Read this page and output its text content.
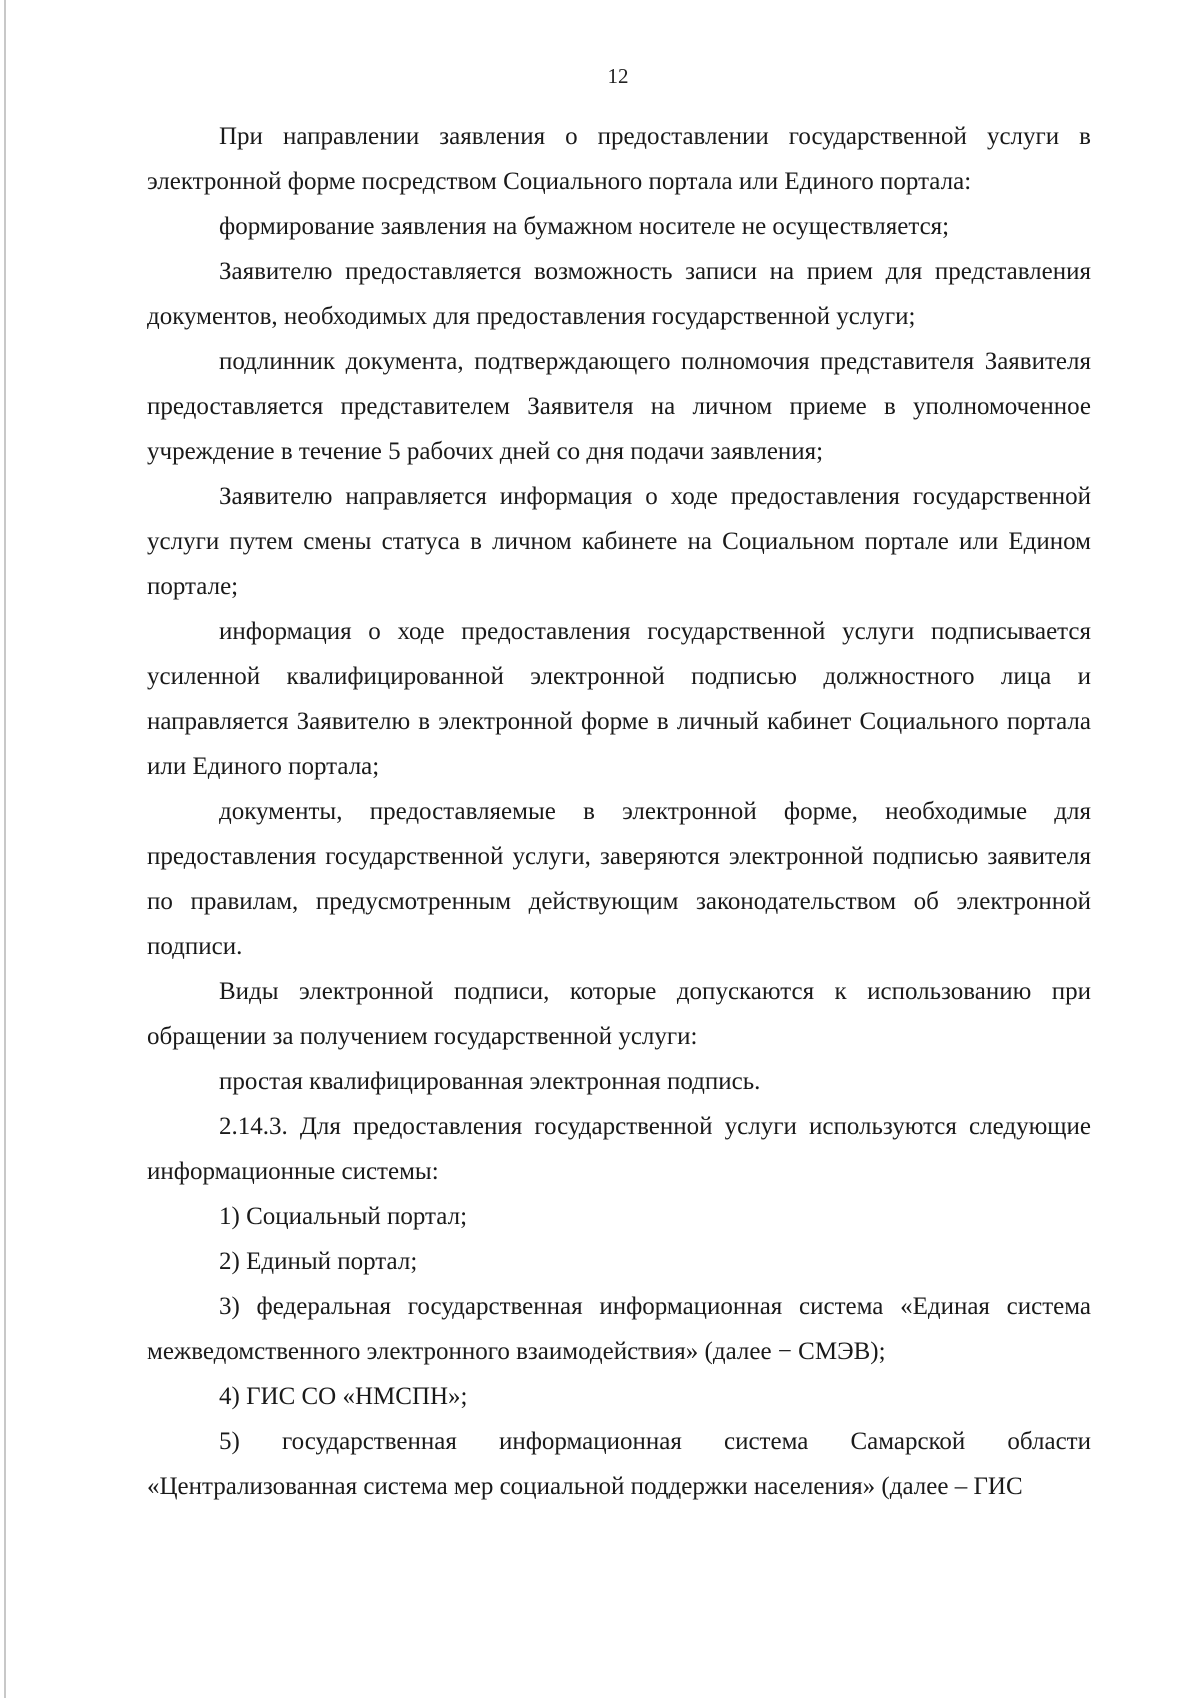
12

При направлении заявления о предоставлении государственной услуги в электронной форме посредством Социального портала или Единого портала:

формирование заявления на бумажном носителе не осуществляется;

Заявителю предоставляется возможность записи на прием для представления документов, необходимых для предоставления государственной услуги;

подлинник документа, подтверждающего полномочия представителя Заявителя предоставляется представителем Заявителя на личном приеме в уполномоченное учреждение в течение 5 рабочих дней со дня подачи заявления;

Заявителю направляется информация о ходе предоставления государственной услуги путем смены статуса в личном кабинете на Социальном портале или Едином портале;

информация о ходе предоставления государственной услуги подписывается усиленной квалифицированной электронной подписью должностного лица и направляется Заявителю в электронной форме в личный кабинет Социального портала или Единого портала;

документы, предоставляемые в электронной форме, необходимые для предоставления государственной услуги, заверяются электронной подписью заявителя по правилам, предусмотренным действующим законодательством об электронной подписи.

Виды электронной подписи, которые допускаются к использованию при обращении за получением государственной услуги:

простая квалифицированная электронная подпись.

2.14.3. Для предоставления государственной услуги используются следующие информационные системы:

1) Социальный портал;

2) Единый портал;

3) федеральная государственная информационная система «Единая система межведомственного электронного взаимодействия» (далее − СМЭВ);

4) ГИС СО «НМСПН»;

5) государственная информационная система Самарской области «Централизованная система мер социальной поддержки населения» (далее – ГИС
